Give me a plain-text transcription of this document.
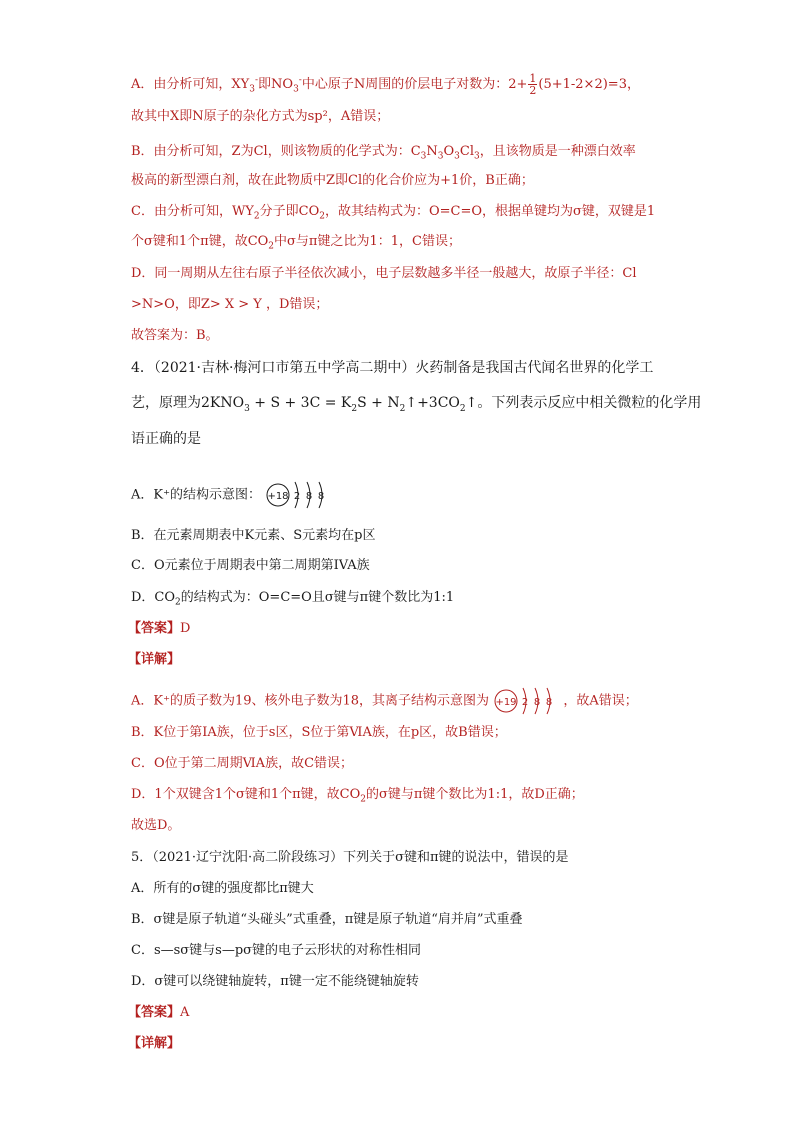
A．由分析可知，$XY_3^-$即$NO_3^-$中心原子N周围的价层电子对数为：$2+ \frac{1}{2} (5+1-2\times 2)=3$，
故其中X即N原子的杂化方式为sp²，A错误；
B．由分析可知，Z为Cl，则该物质的化学式为：$C_3N_3O_3Cl_3$，且该物质是一种漂白效率
极高的新型漂白剂，故在此物质中Z即Cl的化合价应为+1价，B正确；
C．由分析可知，$WY_2$分子即$CO_2$，故其结构式为：O=C=O，根据单键均为σ键，双键是1
个σ键和1个π键，故$CO_2$中σ与π键之比为1：1，C错误；
D．同一周期从左往右原子半径依次减小，电子层数越多半径一般越大，故原子半径：Cl
>N>O，即Z> X > Y ，D错误；
故答案为：B。
4．（2021·吉林·梅河口市第五中学高二期中）火药制备是我国古代闻名世界的化学工
艺，原理为$2KNO_3 + S + 3C = K_2S$ + $N_2↑+3CO_2↑$。下列表示反应中相关微粒的化学用
语正确的是
A．K⁺的结构示意图： +18 2 8 8
B．在元素周期表中K元素、S元素均在p区
C．O元素位于周期表中第二周期第IVA族
D．$CO_2$的结构式为：O=C=O且σ键与π键个数比为1:1
【答案】D
【详解】
A．K⁺的质子数为19、核外电子数为18，其离子结构示意图为 +19 2 8 8 ，故A错误；
B．K位于第ⅠA族，位于s区，S位于第ⅥA族，在p区，故B错误；
C．O位于第二周期ⅥA族，故C错误；
D．1个双键含1个σ键和1个π键，故$CO_2$的σ键与π键个数比为1:1，故D正确；
故选D。
5．（2021·辽宁沈阳·高二阶段练习）下列关于σ键和π键的说法中，错误的是
A．所有的σ键的强度都比π键大
B．σ键是原子轨道“头碰头”式重叠，π键是原子轨道“肩并肩”式重叠
C．s—sσ键与s—pσ键的电子云形状的对称性相同
D．σ键可以绕键轴旋转，π键一定不能绕键轴旋转
【答案】A
【详解】
